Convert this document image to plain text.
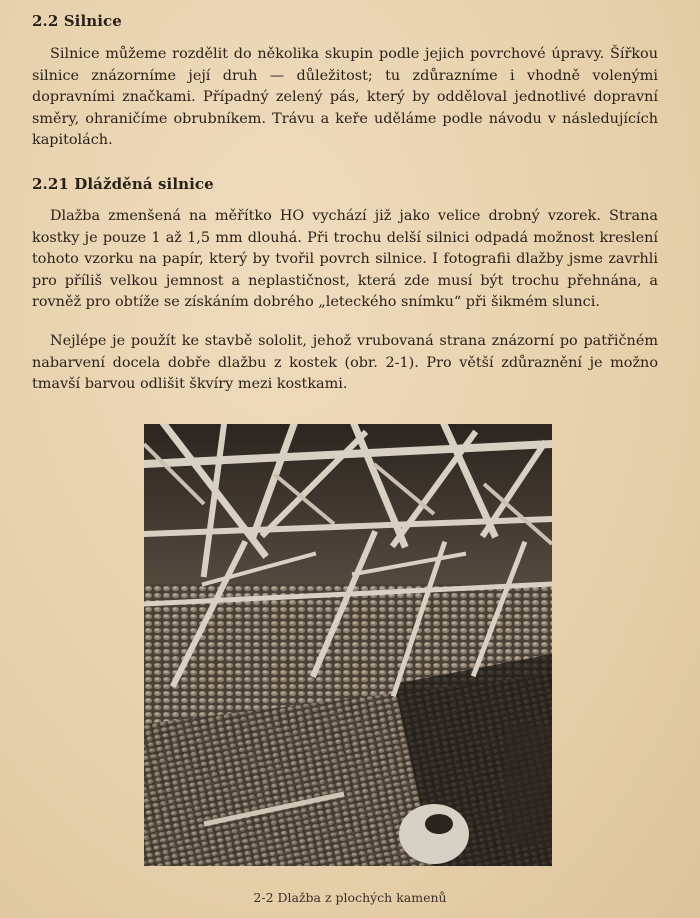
2.2 Silnice

Silnice můžeme rozdělit do několika skupin podle jejich povrchové úpravy. Šířkou silnice znázorníme její druh — důležitost; tu zdůrazníme i vhodně volenými dopravními značkami. Případný zelený pás, který by odděloval jednotlivé dopravní směry, ohraničíme obrubníkem. Trávu a keře uděláme podle návodu v následujících kapitolách.

2.21 Dlážděná silnice

Dlažba zmenšená na měřítko HO vychází již jako velice drobný vzorek. Strana kostky je pouze 1 až 1,5 mm dlouhá. Při trochu delší silnici odpadá možnost kreslení tohoto vzorku na papír, který by tvořil povrch silnice. I fotografii dlažby jsme zavrhli pro příliš velkou jemnost a neplastičnost, která zde musí být trochu přehnána, a rovněž pro obtíže se získáním dobrého „leteckého snímku“ při šikmém slunci.

Nejlépe je použít ke stavbě sololit, jehož vrubovaná strana znázorní po patřičném nabarvení docela dobře dlažbu z kostek (obr. 2-1). Pro větší zdůraznění je možno tmavší barvou odlišit škvíry mezi kostkami.

2-2 Dlažba z plochých kamenů
